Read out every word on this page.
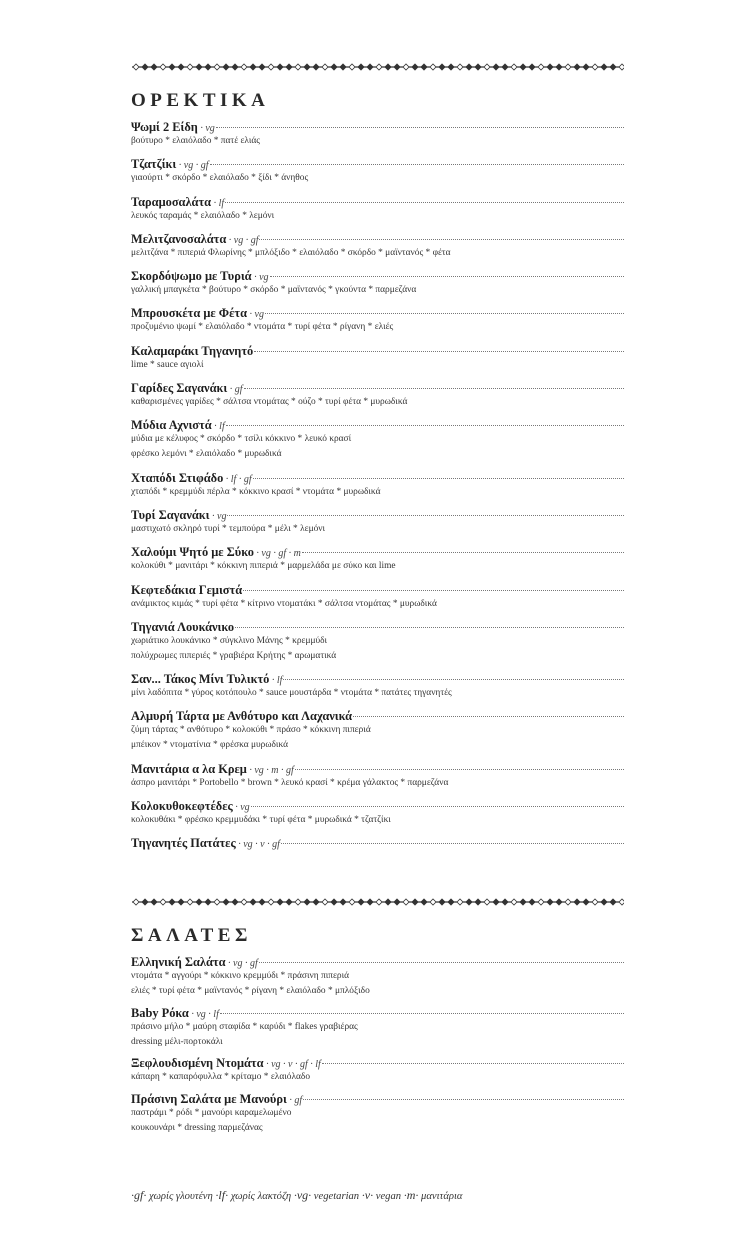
ΟΡΕΚΤΙΚΑ
Ψωμί 2 Είδη · vg
βούτυρο * ελαιόλαδο * πατέ ελιάς
Τζατζίκι · vg · gf
γιαούρτι * σκόρδο * ελαιόλαδο * ξίδι * άνηθος
Ταραμοσαλάτα · lf
λευκός ταραμάς * ελαιόλαδο * λεμόνι
Μελιτζανοσαλάτα · vg · gf
μελιτζάνα * πιπεριά Φλωρίνης * μπλόξιδο * ελαιόλαδο * σκόρδο * μαϊντανός * φέτα
Σκορδόψωμο με Τυριά · vg
γαλλική μπαγκέτα * βούτυρο * σκόρδο * μαϊντανός * γκούντα * παρμεζάνα
Μπρουσκέτα με Φέτα · vg
προζυμένιο ψωμί * ελαιόλαδο * ντομάτα * τυρί φέτα * ρίγανη * ελιές
Καλαμαράκι Τηγανητό
lime * sauce αγιολί
Γαρίδες Σαγανάκι · gf
καθαρισμένες γαρίδες * σάλτσα ντομάτας * ούζο * τυρί φέτα * μυρωδικά
Μύδια Αχνιστά · lf
μύδια με κέλυφος * σκόρδο * τσίλι κόκκινο * λευκό κρασί
φρέσκο λεμόνι * ελαιόλαδο * μυρωδικά
Χταπόδι Στιφάδο · lf · gf
χταπόδι * κρεμμύδι πέρλα * κόκκινο κρασί * ντομάτα * μυρωδικά
Τυρί Σαγανάκι · vg
μαστιχωτό σκληρό τυρί * τεμπούρα * μέλι * λεμόνι
Χαλούμι Ψητό με Σύκο · vg · gf · m
κολοκύθι * μανιτάρι * κόκκινη πιπεριά * μαρμελάδα με σύκο και lime
Κεφτεδάκια Γεμιστά
ανάμικτος κιμάς * τυρί φέτα * κίτρινο ντοματάκι * σάλτσα ντομάτας * μυρωδικά
Τηγανιά Λουκάνικο
χωριάτικο λουκάνικο * σύγκλινο Μάνης * κρεμμύδι
πολύχρωμες πιπεριές * γραβιέρα Κρήτης * αρωματικά
Σαν... Τάκος Μίνι Τυλικτό · lf
μίνι λαδόπιτα * γύρος κοτόπουλο * sauce μουστάρδα * ντομάτα * πατάτες τηγανητές
Αλμυρή Τάρτα με Ανθότυρο και Λαχανικά
ζύμη τάρτας * ανθότυρο * κολοκύθι * πράσο * κόκκινη πιπεριά
μπέικον * ντοματίνια * φρέσκα μυρωδικά
Μανιτάρια α λα Κρεμ · vg · m · gf
άσπρο μανιτάρι * Portobello * brown * λευκό κρασί * κρέμα γάλακτος * παρμεζάνα
Κολοκυθοκεφτέδες · vg
κολοκυθάκι * φρέσκο κρεμμυδάκι * τυρί φέτα * μυρωδικά * τζατζίκι
Τηγανητές Πατάτες · vg · v · gf
ΣΑΛΑΤΕΣ
Ελληνική Σαλάτα · vg · gf
ντομάτα * αγγούρι * κόκκινο κρεμμύδι * πράσινη πιπεριά
ελιές * τυρί φέτα * μαϊντανός * ρίγανη * ελαιόλαδο * μπλόξιδο
Baby Ρόκα · vg · lf
πράσινο μήλο * μαύρη σταφίδα * καρύδι * flakes γραβιέρας
dressing μέλι-πορτοκάλι
Ξεφλουδισμένη Ντομάτα · vg · v · gf · lf
κάπαρη * καπαρόφυλλα * κρίταμο * ελαιόλαδο
Πράσινη Σαλάτα με Μανούρι · gf
παστράμι * ρόδι * μανούρι καραμελωμένο
κουκουνάρι * dressing παρμεζάνας
·gf· χωρίς γλουτένη ·lf· χωρίς λακτόζη ·vg· vegetarian ·v· vegan ·m· μανιτάρια
